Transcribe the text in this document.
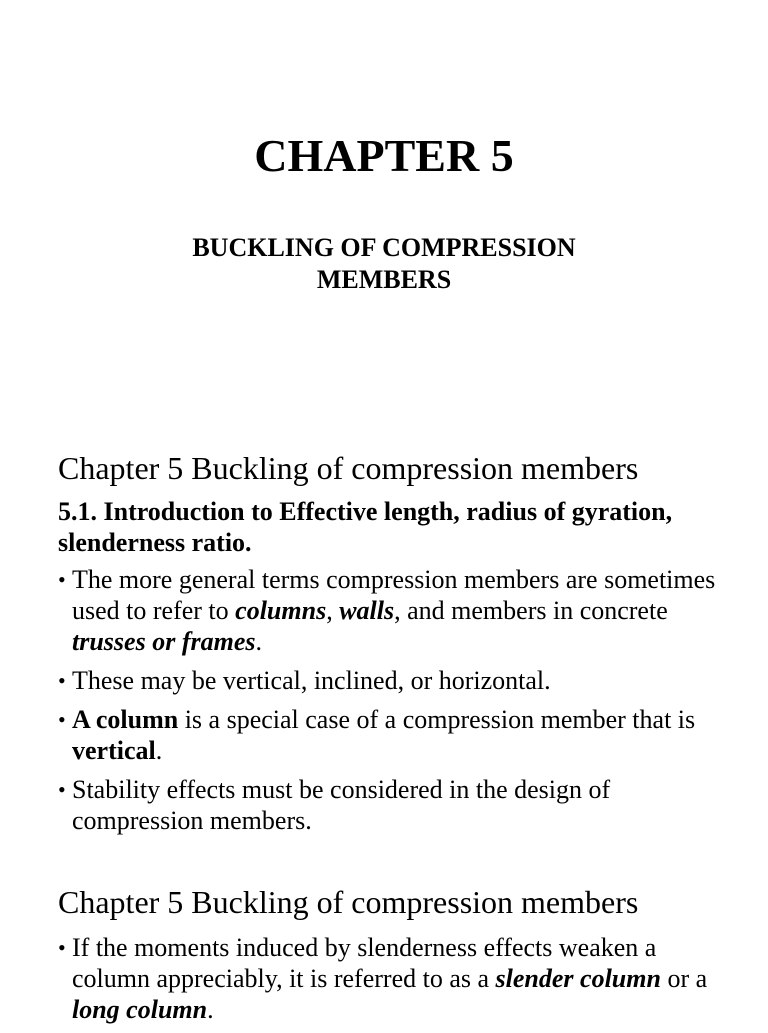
CHAPTER 5
BUCKLING OF COMPRESSION
MEMBERS
Chapter 5 Buckling of compression members
5.1. Introduction to Effective length, radius of gyration, slenderness ratio.
• The more general terms compression members are sometimes used to refer to columns, walls, and members in concrete trusses or frames.
• These may be vertical, inclined, or horizontal.
• A column is a special case of a compression member that is vertical.
• Stability effects must be considered in the design of compression members.
Chapter 5 Buckling of compression members
• If the moments induced by slenderness effects weaken a column appreciably, it is referred to as a slender column or a long column.
